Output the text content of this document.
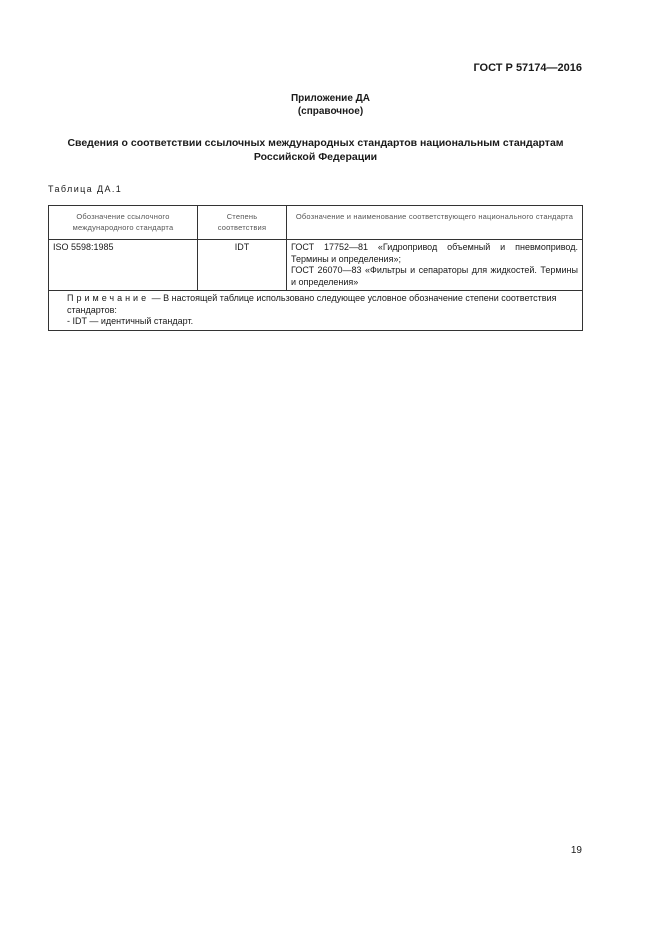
ГОСТ Р 57174—2016
Приложение ДА
(справочное)
Сведения о соответствии ссылочных международных стандартов национальным стандартам
Российской Федерации
Таблица ДА.1
Обозначение ссылочного международного стандарта	Степень соответствия	Обозначение и наименование соответствующего национального стандарта
ISO 5598:1985	IDT	ГОСТ 17752—81 «Гидропривод объемный и пневмопривод. Термины и определения»;
ГОСТ 26070—83 «Фильтры и сепараторы для жидкостей. Термины и определения»

Примечание — В настоящей таблице использовано следующее условное обозначение степени соответствия стандартов:
- IDT — идентичный стандарт.		
19
